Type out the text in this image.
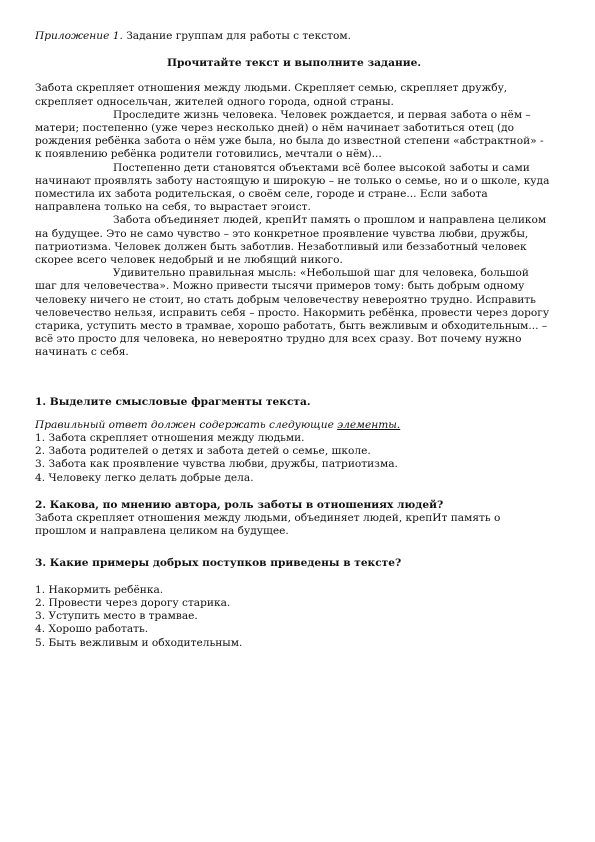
Приложение 1. Задание группам для работы с текстом.

Прочитайте текст и выполните задание.

Забота скрепляет отношения между людьми. Скрепляет семью, скрепляет дружбу, скрепляет односельчан, жителей одного города, одной страны.

Проследите жизнь человека. Человек рождается, и первая забота о нём – матери; постепенно (уже через несколько дней) о нём начинает заботиться отец (до рождения ребёнка забота о нём уже была, но была до известной степени «абстрактной» - к появлению ребёнка родители готовились, мечтали о нём)...

Постепенно дети становятся объектами всё более высокой заботы и сами начинают проявлять заботу настоящую и широкую – не только о семье, но и о школе, куда поместила их забота родительская, о своём селе, городе и стране... Если забота направлена только на себя, то вырастает эгоист.

Забота объединяет людей, крепИт память о прошлом и направлена целиком на будущее. Это не само чувство – это конкретное проявление чувства любви, дружбы, патриотизма. Человек должен быть заботлив. Незаботливый или беззаботный человек скорее всего человек недобрый и не любящий никого.

Удивительно правильная мысль: «Небольшой шаг для человека, большой шаг для человечества». Можно привести тысячи примеров тому: быть добрым одному человеку ничего не стоит, но стать добрым человечеству невероятно трудно. Исправить человечество нельзя, исправить себя – просто. Накормить ребёнка, провести через дорогу старика, уступить место в трамвае, хорошо работать, быть вежливым и обходительным... – всё это просто для человека, но невероятно трудно для всех сразу. Вот почему нужно начинать с себя.

1. Выделите смысловые фрагменты текста.

Правильный ответ должен содержать следующие элементы.

1. Забота скрепляет отношения между людьми.
2. Забота родителей о детях и забота детей о семье, школе.
3. Забота как проявление чувства любви, дружбы, патриотизма.
4. Человеку легко делать добрые дела.

2. Какова, по мнению автора, роль заботы в отношениях людей?

Забота скрепляет отношения между людьми, объединяет людей, крепИт память о прошлом и направлена целиком на будущее.

3. Какие примеры добрых поступков приведены в тексте?

1. Накормить ребёнка.
2. Провести через дорогу старика.
3. Уступить место в трамвае.
4. Хорошо работать.
5. Быть вежливым и обходительным.
